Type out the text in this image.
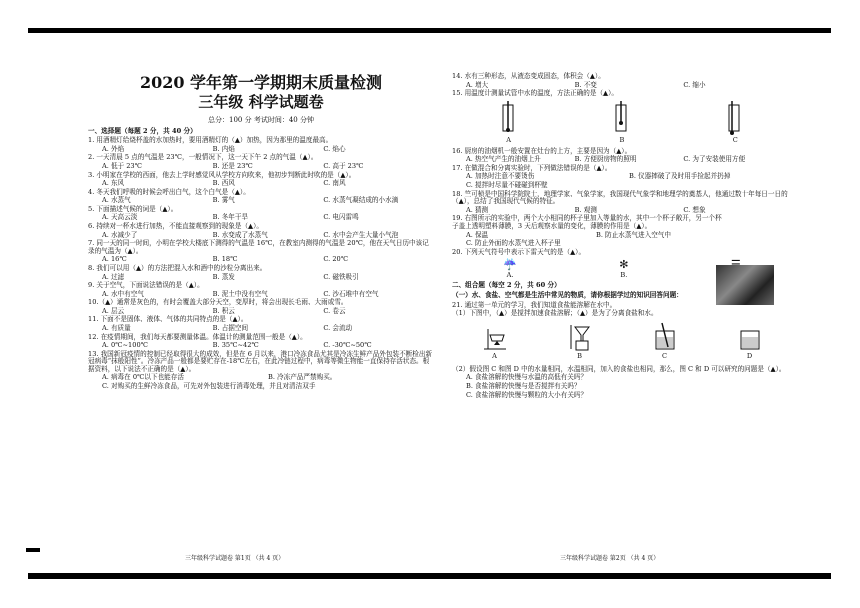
2020 学年第一学期期末质量检测
三年级 科学试题卷
总分：100 分 考试时间：40 分钟
一、选择题（每题 2 分，共 40 分）
1. 用酒精灯给烧杯盖的水加热时，要用酒精灯的（▲）加热，因为那里的温度最高。
A. 外焰	B. 内焰	C. 焰心
2. 一天清晨 5 点的气温是 23℃，一般情况下，这一天下午 2 点的气温（▲）。
A. 低于 23℃	B. 还是 23℃	C. 高于 23℃
3. 小明家在学校的西面，他去上学时感觉风从学校方向吹来，他初步判断此时吹的是（▲）。
A. 东风	B. 西风	C. 南风
4. 冬天我们呼吸的时候会呼出白气，这个白气是（▲）。
A. 水蒸气	B. 雾气	C. 水蒸气凝结成的小水滴
5. 下面描述气候的词是（▲）。
A. 天高云淡	B. 冬年干旱	C. 电闪雷鸣
6. 持续对一杯水进行加热，不能直接观察到的现象是（▲）。
A. 水减少了	B. 水变成了水蒸气	C. 水中会产生大量小气泡
7. 同一天的同一时间，小明在学校大楼底下测得的气温是 16℃，在教室内测得的气温是 20℃，他在天气日历中该记录的气温为（▲）。
A. 16℃	B. 18℃	C. 20℃
8. 我们可以用（▲）的方法把混入水和酒中的沙粒分离出来。
A. 过滤	B. 蒸发	C. 磁铁吸引
9. 关于空气，下面说法错误的是（▲）。
A. 水中有空气	B. 泥土中没有空气	C. 沙石堆中有空气
10.（▲）通常是灰色的，有时会覆盖大部分天空，变厚时，将会出现长毛雨、大雨或雪。
A. 层云	B. 积云	C. 卷云
11. 下面不是固体、液体、气体的共同特点的是（▲）。
A. 有质量	B. 占据空间	C. 会流动
12. 在疫情期间，我们每天都要测量体温。体温计的测量范围一般是（▲）。
A. 0℃~100℃	B. 35℃~42℃	C. -30℃~50℃
13. 我国新冠疫情的控制已经取得很大的成效，但是在 6 月以来，港口冷冻食品尤其是冷冻生鲜产品外包装不断检出新冠病毒“抹般阳性”。冷冻产品一般都是要贮存在-18℃左右，在此冷链过程中，病毒等微生物能一直保持存活状态。根据资料，以下说法不正确的是（▲）。
A. 病毒在 0℃以下也能存活	B. 冷冻产品严禁购买。
C. 对购买的生鲜冷冻食品，可先对外包装进行消毒处理，并且对清洁双手
三年级科学试题卷 第1页 （共 4 页）
14. 水有三种形态，从液态变成固态，体积会（▲）。
A. 增大	B. 不变	C. 缩小
15. 用温度计测量试管中水的温度，方法正确的是（▲）。
A	B	C
16. 厨房的油烟机一般安置在灶台的上方，主要是因为（▲）。
A. 热空气产生的油烟上升	B. 方便厨房物的照明	C. 为了安装使用方便
17. 在做混合和分离实验时，下列做法错误的是（▲）。
A. 加热时注意不要烫伤	B. 仪器摔破了及时用手捡起并扔掉
C. 搅拌时尽量不碰碰到杯壁
18. 竺可桢是中国科学院院士，地理学家、气象学家，我国现代气象学和地理学的奠基人，他通过数十年每日一日的（▲），总结了我国现代气候的特征。
A. 猜测	B. 观测	C. 想象
19. 右图所示的实验中，两个大小相同的杯子里加入等量的水，其中一个杯子敞开，另一个杯子盖上透明塑料薄膜，3 天后观察水量的变化，薄膜的作用是（▲）。
A. 保温	B. 防止水蒸气进入空气中
C. 防止外面的水蒸气进入杯子里
20. 下列天气符号中表示下雷天气的是（▲）。
☔
A.
✻
B.
二、组合题（每空 2 分，共 60 分）
（一）水、食盐、空气都是生活中常见的物质，请你根据学过的知识回答问题：
21. 通过第一单元的学习，我们知道食盐能溶解在水中。
（1）下图中，（▲）是搅拌加速食盐溶解；（▲）是为了分离食盐和水。
A	B	C	D
（2）假设图 C 和图 D 中的水量相同，水温相同，加入的食盐也相同，那么，图 C 和 D 可以研究的问题是（▲）。
A. 食盐溶解的快慢与水温的高低有关吗？
B. 食盐溶解的快慢与是否搅拌有关吗？
C. 食盐溶解的快慢与颗粒的大小有关吗？
三年级科学试题卷 第2页 （共 4 页）
